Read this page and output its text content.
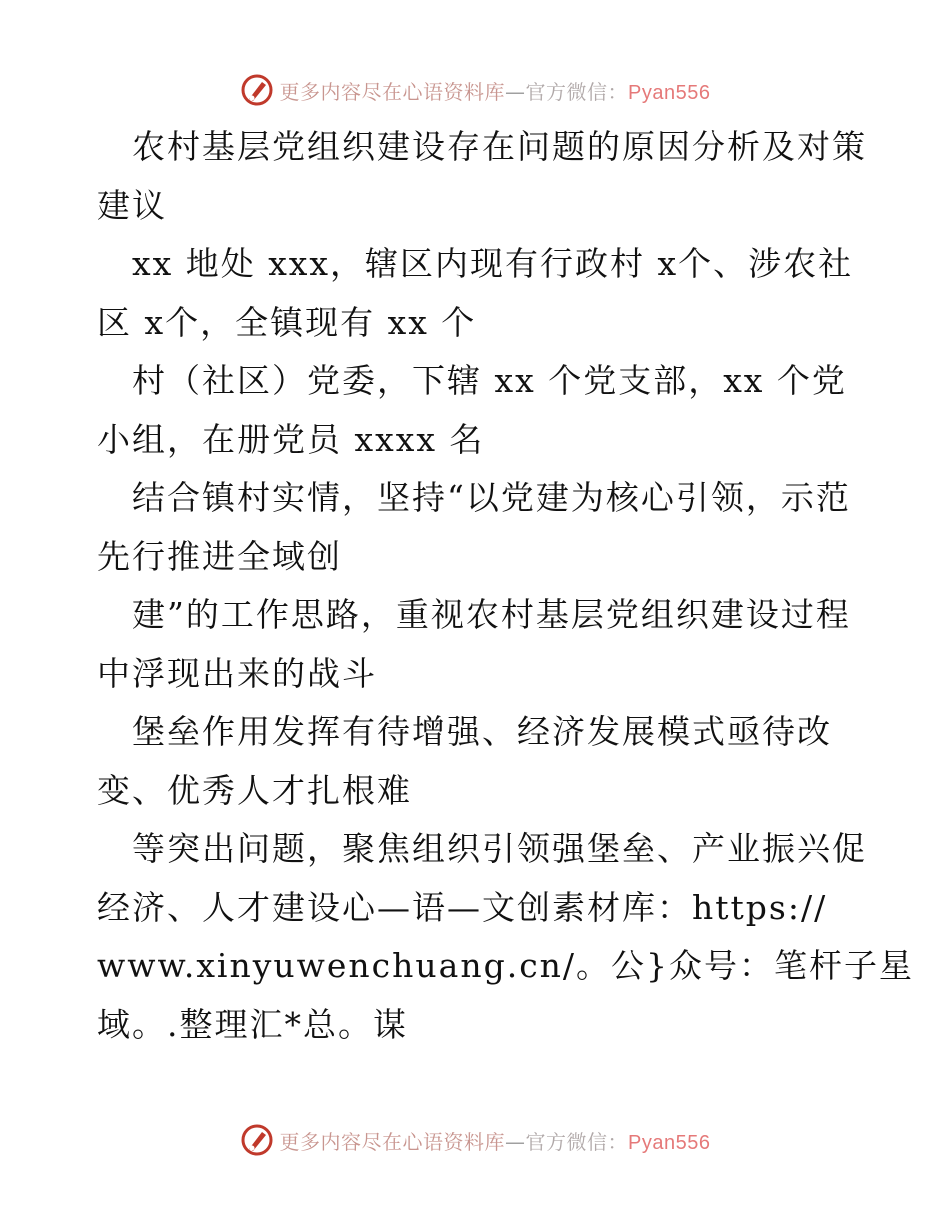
更多内容尽在心语资料库—官方微信：Pyan556
　农村基层党组织建设存在问题的原因分析及对策
建议
　xx 地处 xxx，辖区内现有行政村 x个、涉农社
区 x个，全镇现有 xx 个
　村（社区）党委，下辖 xx 个党支部，xx 个党
小组，在册党员 xxxx 名
　结合镇村实情，坚持“以党建为核心引领，示范
先行推进全域创
　建”的工作思路，重视农村基层党组织建设过程
中浮现出来的战斗
　堡垒作用发挥有待增强、经济发展模式亟待改
变、优秀人才扎根难
　等突出问题，聚焦组织引领强堡垒、产业振兴促
经济、人才建设心—语—文创素材库：https://
www.xinyuwenchuang.cn/。公}众号：笔杆子星
域。.整理汇*总。谋
更多内容尽在心语资料库—官方微信：Pyan556
